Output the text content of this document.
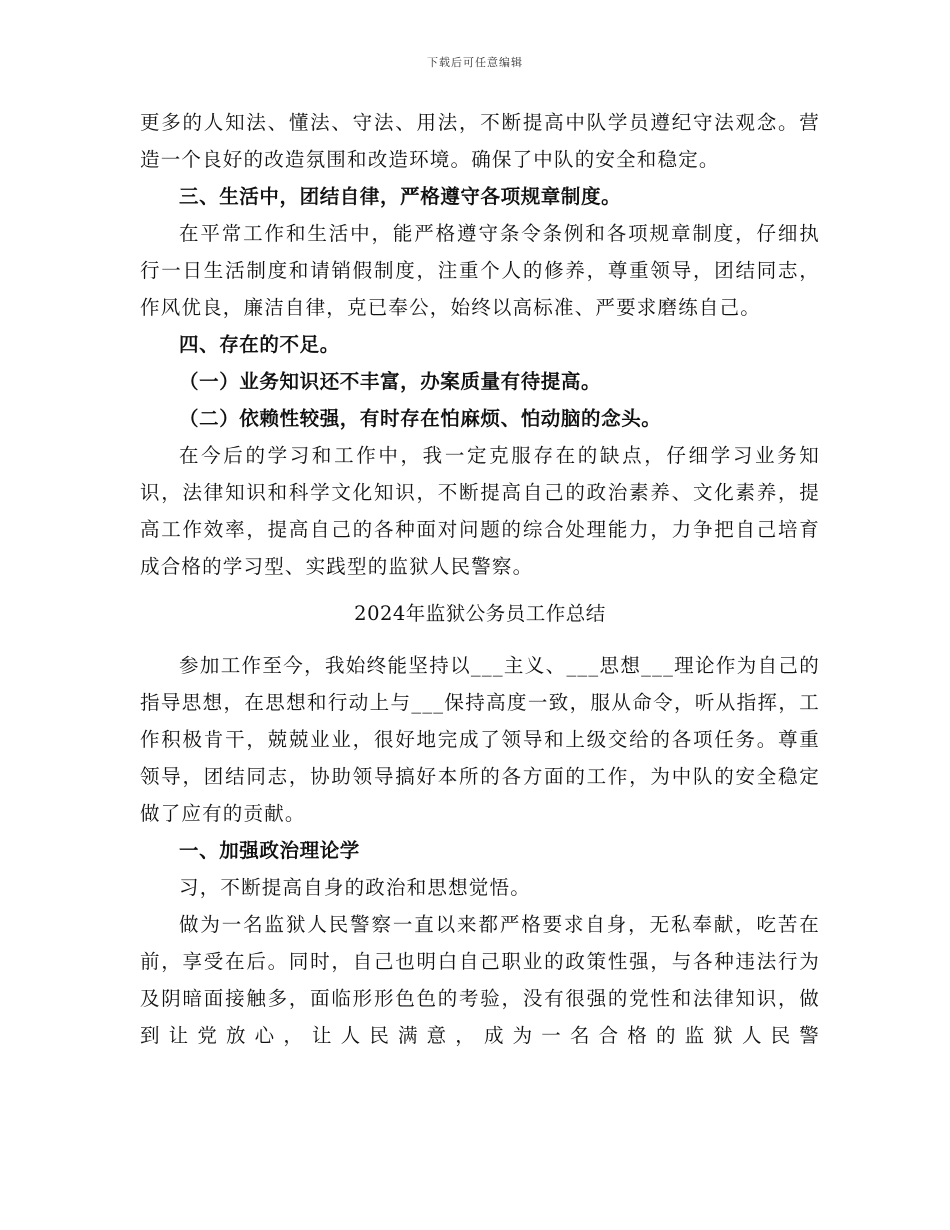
下载后可任意编辑

更多的人知法、懂法、守法、用法，不断提高中队学员遵纪守法观念。营造一个良好的改造氛围和改造环境。确保了中队的安全和稳定。

三、生活中，团结自律，严格遵守各项规章制度。

在平常工作和生活中，能严格遵守条令条例和各项规章制度，仔细执行一日生活制度和请销假制度，注重个人的修养，尊重领导，团结同志，作风优良，廉洁自律，克已奉公，始终以高标准、严要求磨练自己。

四、存在的不足。

（一）业务知识还不丰富，办案质量有待提高。

（二）依赖性较强，有时存在怕麻烦、怕动脑的念头。

在今后的学习和工作中，我一定克服存在的缺点，仔细学习业务知识，法律知识和科学文化知识，不断提高自己的政治素养、文化素养，提高工作效率，提高自己的各种面对问题的综合处理能力，力争把自己培育成合格的学习型、实践型的监狱人民警察。

2024年监狱公务员工作总结

参加工作至今，我始终能坚持以___主义、___思想___理论作为自己的指导思想，在思想和行动上与___保持高度一致，服从命令，听从指挥，工作积极肯干，兢兢业业，很好地完成了领导和上级交给的各项任务。尊重领导，团结同志，协助领导搞好本所的各方面的工作，为中队的安全稳定做了应有的贡献。

一、加强政治理论学

习，不断提高自身的政治和思想觉悟。

做为一名监狱人民警察一直以来都严格要求自身，无私奉献，吃苦在前，享受在后。同时，自己也明白自己职业的政策性强，与各种违法行为及阴暗面接触多，面临形形色色的考验，没有很强的党性和法律知识，做到让党放心，让人民满意，成为一名合格的监狱人民警
